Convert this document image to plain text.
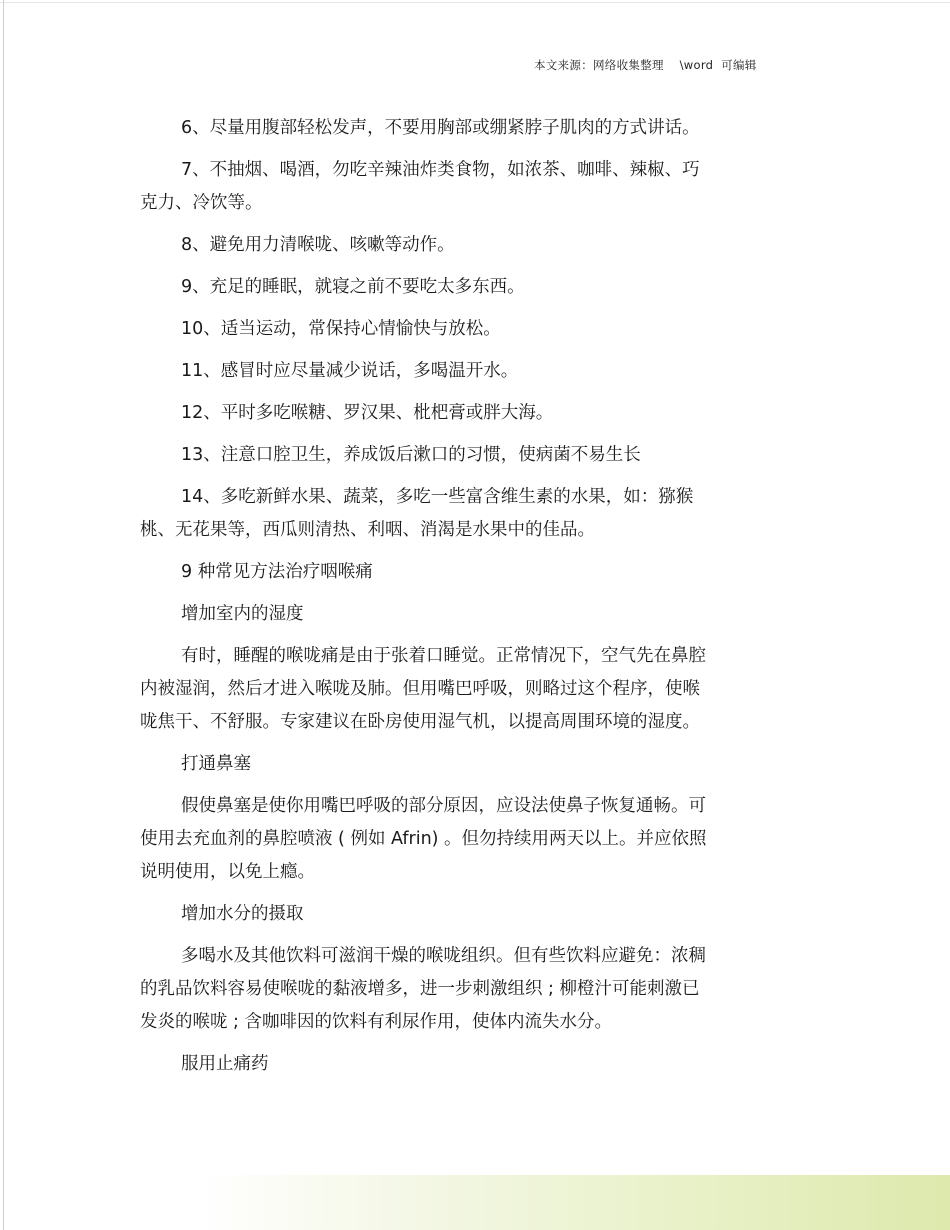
本文来源：网络收集整理    \word  可编辑
6、尽量用腹部轻松发声，不要用胸部或绷紧脖子肌肉的方式讲话。
7、不抽烟、喝酒，勿吃辛辣油炸类食物，如浓茶、咖啡、辣椒、巧
克力、冷饮等。
8、避免用力清喉咙、咳嗽等动作。
9、充足的睡眠，就寝之前不要吃太多东西。
10、适当运动，常保持心情愉快与放松。
11、感冒时应尽量减少说话，多喝温开水。
12、平时多吃喉糖、罗汉果、枇杷膏或胖大海。
13、注意口腔卫生，养成饭后漱口的习惯，使病菌不易生长
14、多吃新鲜水果、蔬菜，多吃一些富含维生素的水果，如：猕猴
桃、无花果等，西瓜则清热、利咽、消渴是水果中的佳品。
9 种常见方法治疗咽喉痛
增加室内的湿度
有时，睡醒的喉咙痛是由于张着口睡觉。正常情况下，空气先在鼻腔
内被湿润，然后才进入喉咙及肺。但用嘴巴呼吸，则略过这个程序，使喉
咙焦干、不舒服。专家建议在卧房使用湿气机，以提高周围环境的湿度。
打通鼻塞
假使鼻塞是使你用嘴巴呼吸的部分原因，应设法使鼻子恢复通畅。可
使用去充血剂的鼻腔喷液 ( 例如 Afrin) 。但勿持续用两天以上。并应依照
说明使用，以免上瘾。
增加水分的摄取
多喝水及其他饮料可滋润干燥的喉咙组织。但有些饮料应避免：浓稠
的乳品饮料容易使喉咙的黏液增多，进一步刺激组织 ; 柳橙汁可能刺激已
发炎的喉咙 ; 含咖啡因的饮料有利尿作用，使体内流失水分。
服用止痛药
